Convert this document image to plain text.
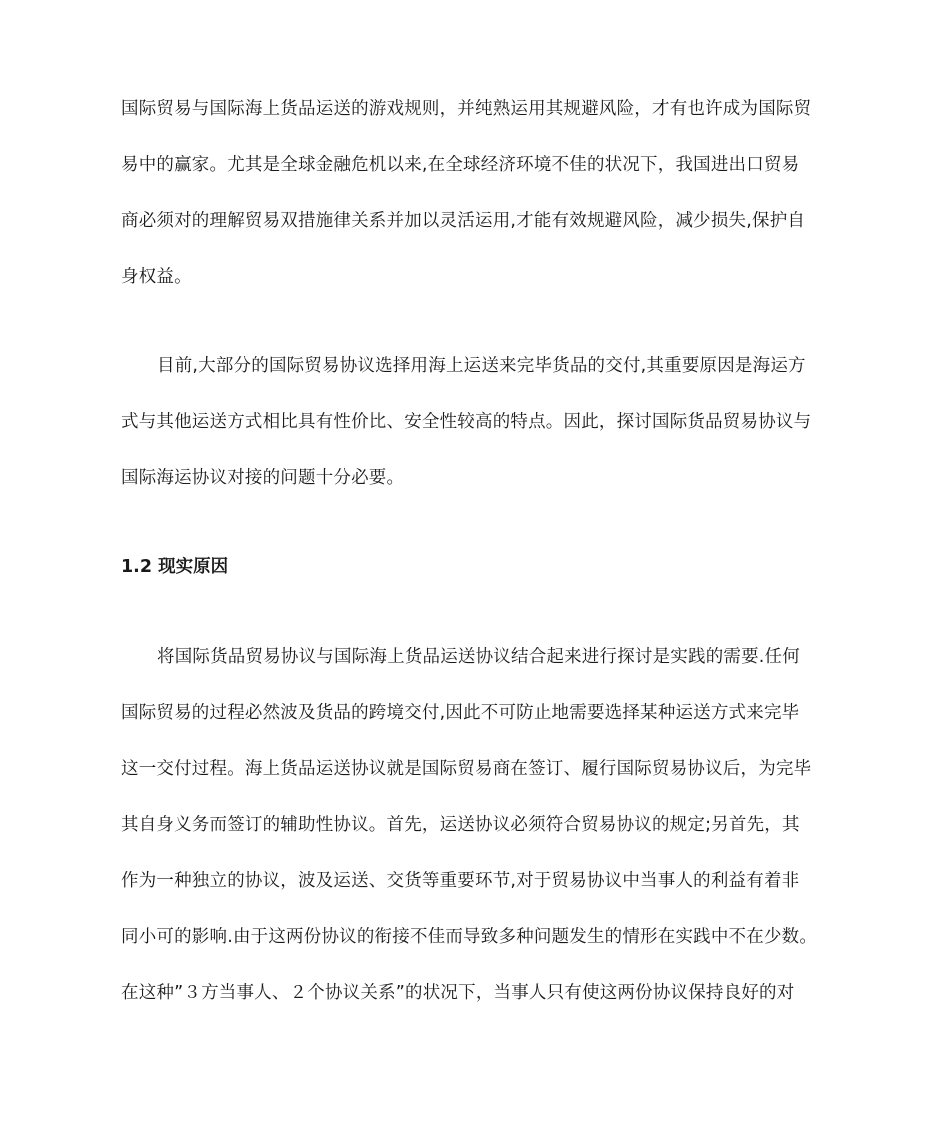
国际贸易与国际海上货品运送的游戏规则，并纯熟运用其规避风险，才有也许成为国际贸
易中的赢家。尤其是全球金融危机以来,在全球经济环境不佳的状况下，我国进出口贸易
商必须对的理解贸易双措施律关系并加以灵活运用,才能有效规避风险，减少损失,保护自
身权益。
目前,大部分的国际贸易协议选择用海上运送来完毕货品的交付,其重要原因是海运方
式与其他运送方式相比具有性价比、安全性较高的特点。因此，探讨国际货品贸易协议与
国际海运协议对接的问题十分必要。
1.2 现实原因
将国际货品贸易协议与国际海上货品运送协议结合起来进行探讨是实践的需要.任何
国际贸易的过程必然波及货品的跨境交付,因此不可防止地需要选择某种运送方式来完毕
这一交付过程。海上货品运送协议就是国际贸易商在签订、履行国际贸易协议后，为完毕
其自身义务而签订的辅助性协议。首先，运送协议必须符合贸易协议的规定;另首先，其
作为一种独立的协议，波及运送、交货等重要环节,对于贸易协议中当事人的利益有着非
同小可的影响.由于这两份协议的衔接不佳而导致多种问题发生的情形在实践中不在少数。
在这种”３方当事人、２个协议关系”的状况下，当事人只有使这两份协议保持良好的对
